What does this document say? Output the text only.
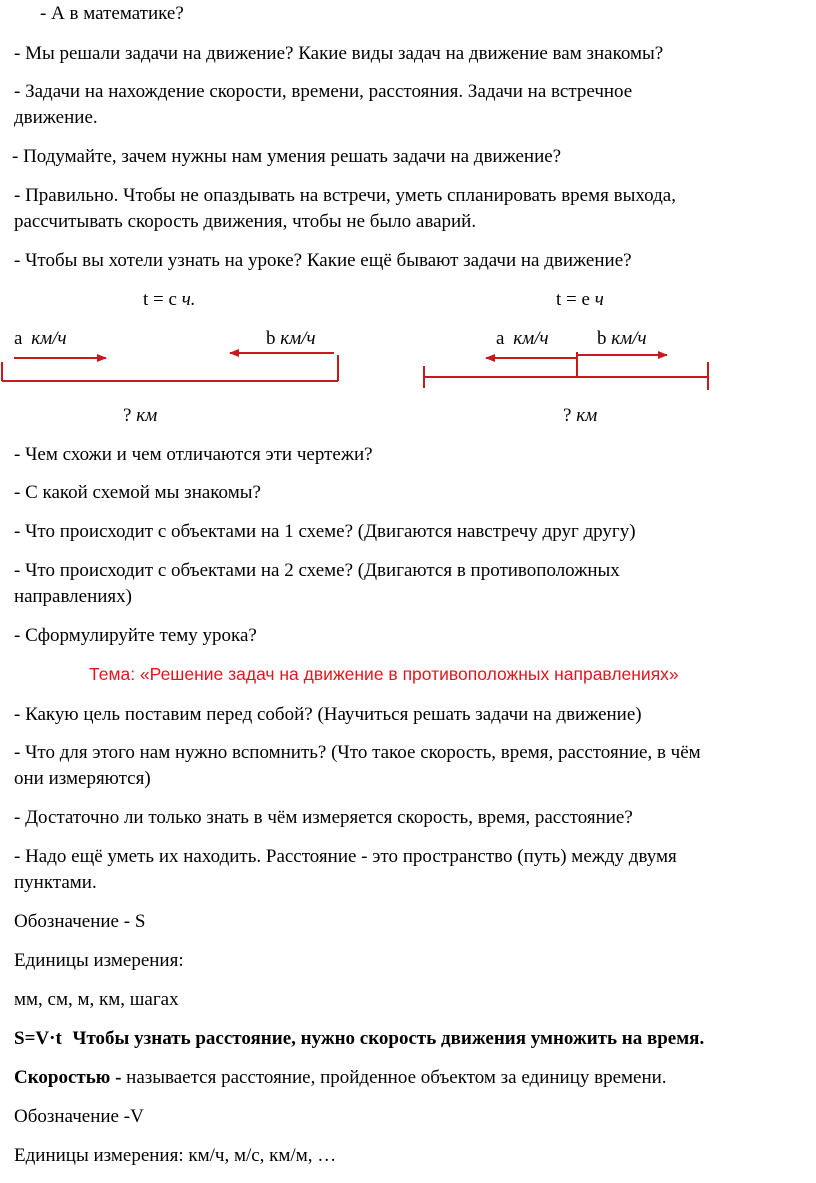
- А в математике?
- Мы решали задачи на движение? Какие виды задач на движение вам знакомы?
- Задачи на нахождение скорости, времени, расстояния. Задачи на встречное
движение.
- Подумайте, зачем нужны нам умения решать задачи на движение?
- Правильно. Чтобы не опаздывать на встречи, уметь спланировать время выхода,
рассчитывать скорость движения, чтобы не было аварий.
- Чтобы вы хотели узнать на уроке? Какие ещё бывают задачи на движение?
t = с ч.
a км/ч	b км/ч
? км
t = е ч
a км/ч	b км/ч
? км
- Чем схожи и чем отличаются эти чертежи?
- С какой схемой мы знакомы?
- Что происходит с объектами на 1 схеме? (Двигаются навстречу друг другу)
- Что происходит с объектами на 2 схеме? (Двигаются в противоположных
направлениях)
- Сформулируйте тему урока?
Тема: «Решение задач на движение в противоположных направлениях»
- Какую цель поставим перед собой? (Научиться решать задачи на движение)
- Что для этого нам нужно вспомнить? (Что такое скорость, время, расстояние, в чём
они измеряются)
- Достаточно ли только знать в чём измеряется скорость, время, расстояние?
- Надо ещё уметь их находить. Расстояние - это пространство (путь) между двумя
пунктами.
Обозначение - S
Единицы измерения:
мм, см, м, км, шагах
S=V·t Чтобы узнать расстояние, нужно скорость движения умножить на время.
Скоростью - называется расстояние, пройденное объектом за единицу времени.
Обозначение -V
Единицы измерения: км/ч, м/с, км/м, …
